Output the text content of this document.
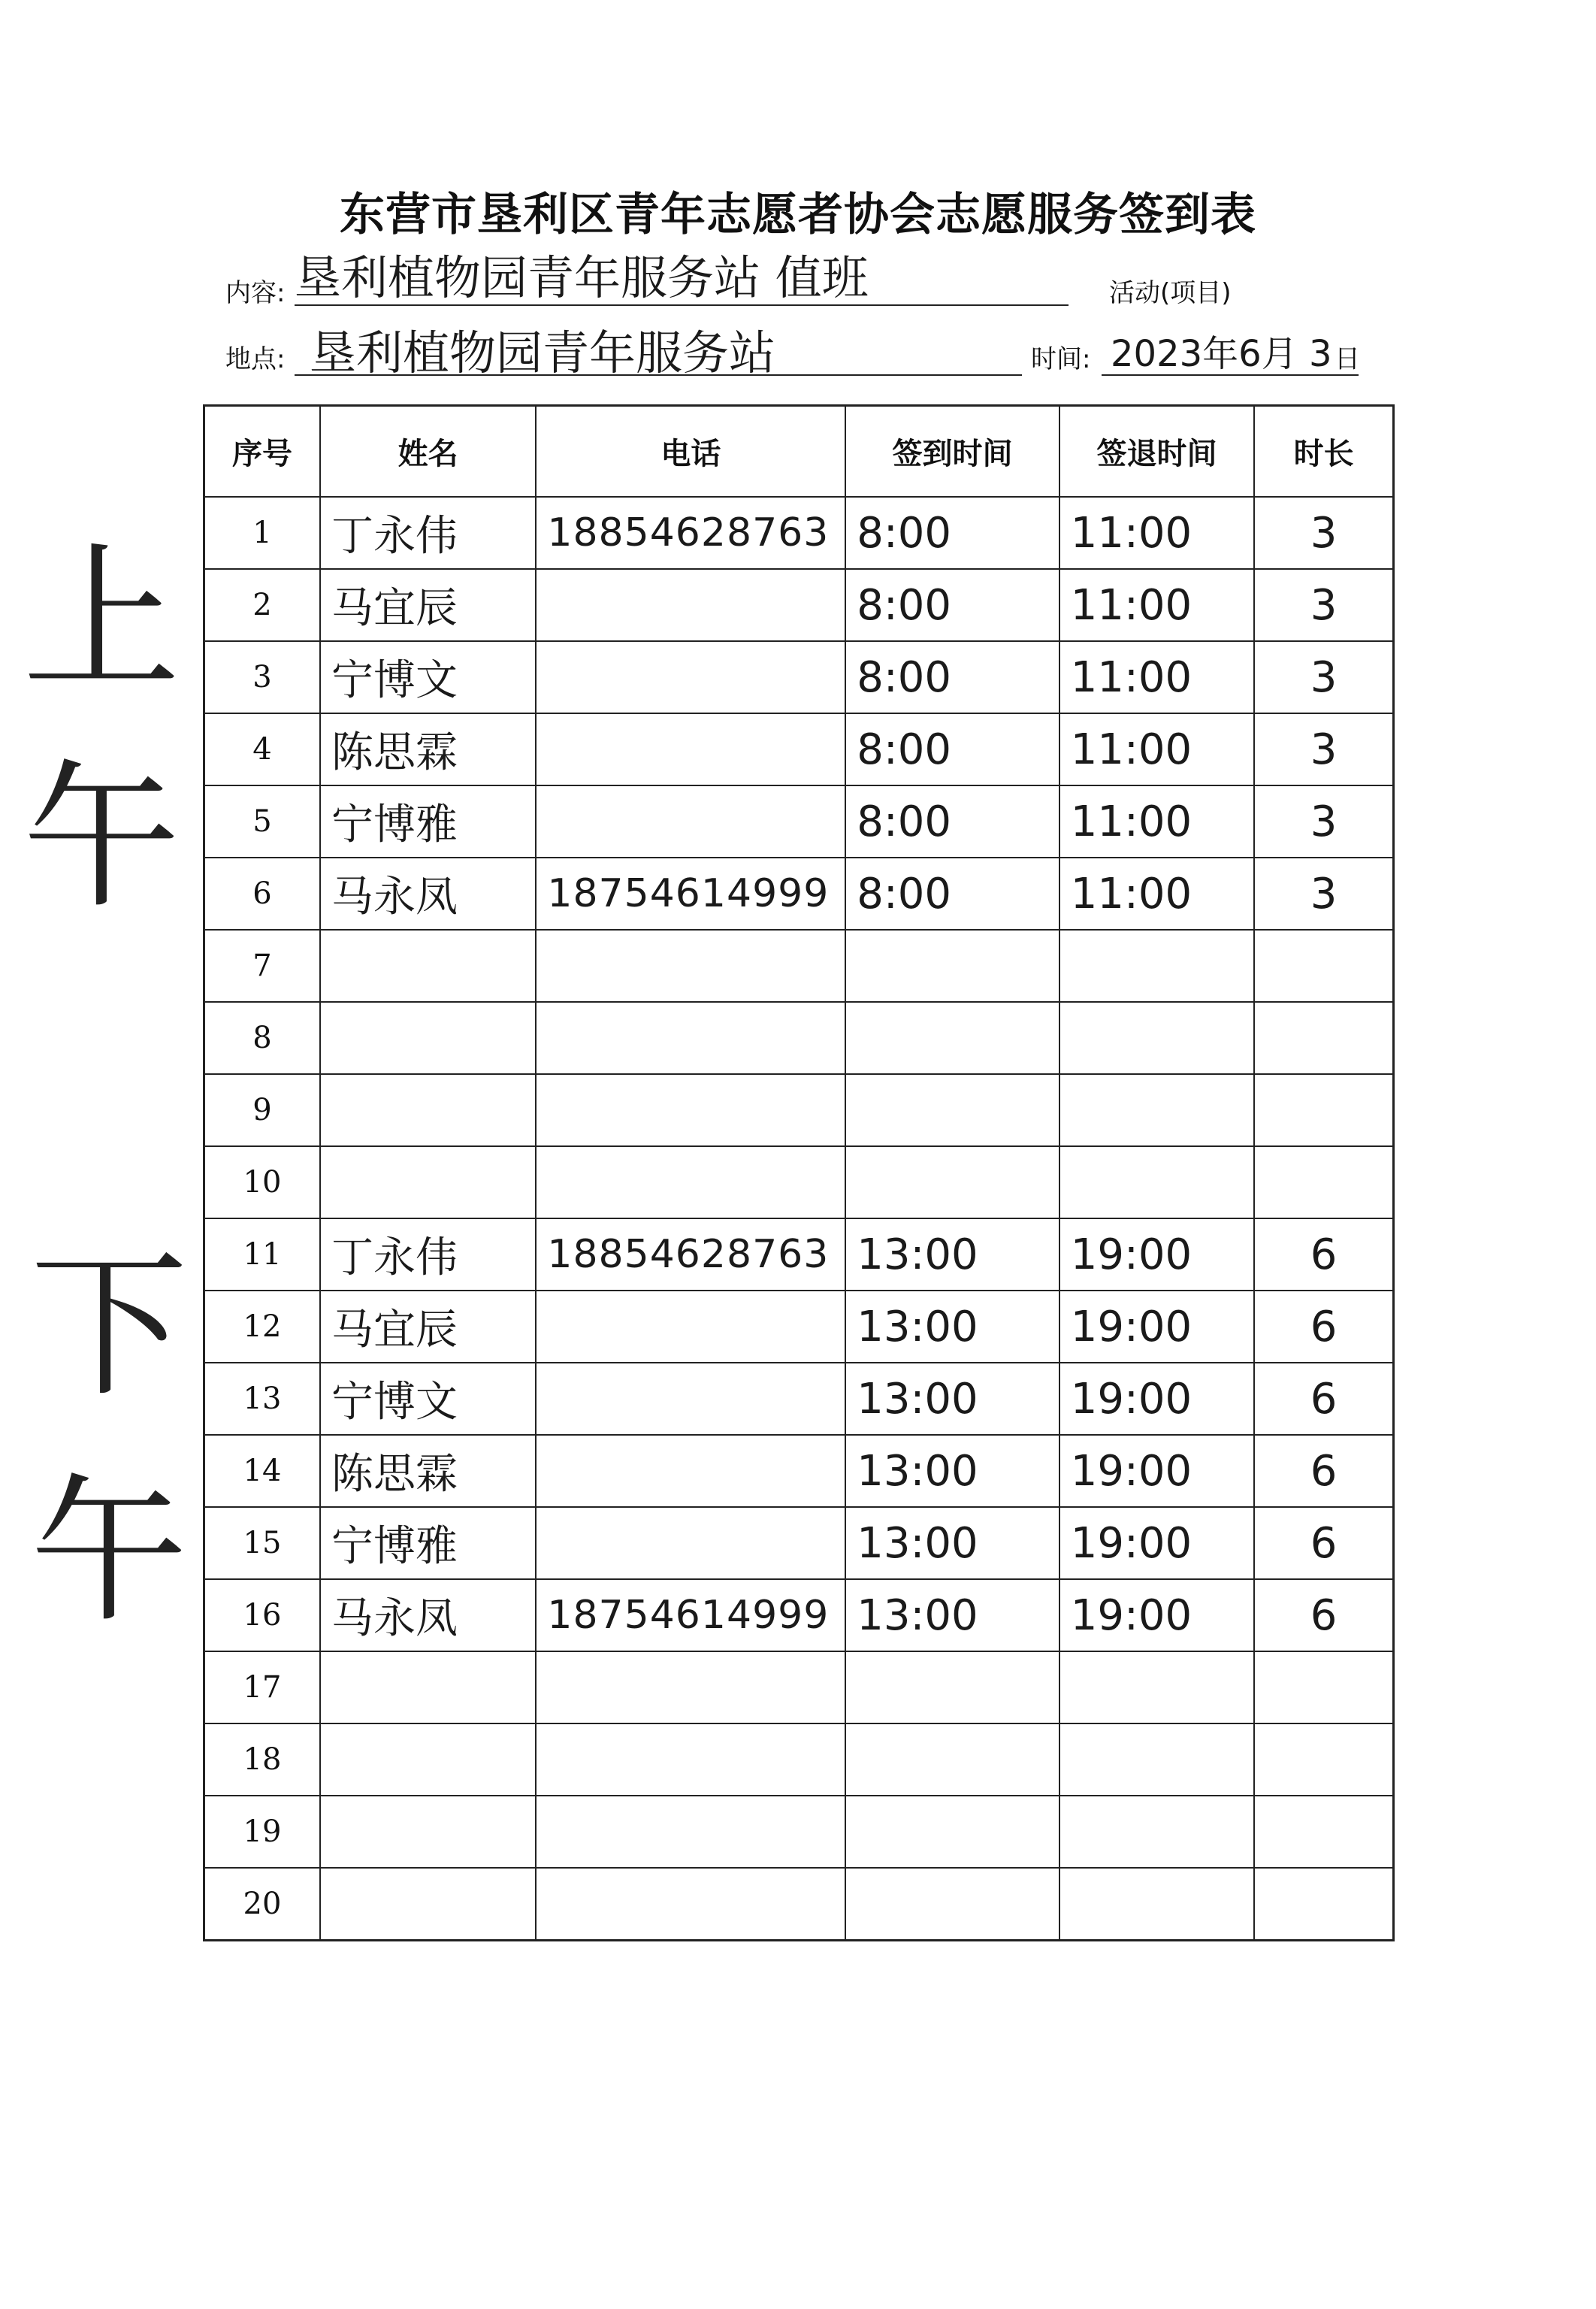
东营市垦利区青年志愿者协会志愿服务签到表
内容: 垦利植物园青年服务站 值班	活动(项目)
地点: 垦利植物园青年服务站	时间: 2023年6月 3 日
序号	姓名	电话	签到时间	签退时间	时长
1	丁永伟	18854628763	8:00	11:00	3
2	马宜辰		8:00	11:00	3
3	宁博文		8:00	11:00	3
4	陈思霖		8:00	11:00	3
5	宁博雅		8:00	11:00	3
6	马永凤	18754614999	8:00	11:00	3
7					
8					
9					
10					
11	丁永伟	18854628763	13:00	19:00	6
12	马宜辰		13:00	19:00	6
13	宁博文		13:00	19:00	6
14	陈思霖		13:00	19:00	6
15	宁博雅		13:00	19:00	6
16	马永凤	18754614999	13:00	19:00	6
17					
18					
19					
20					
上
午
下
午
